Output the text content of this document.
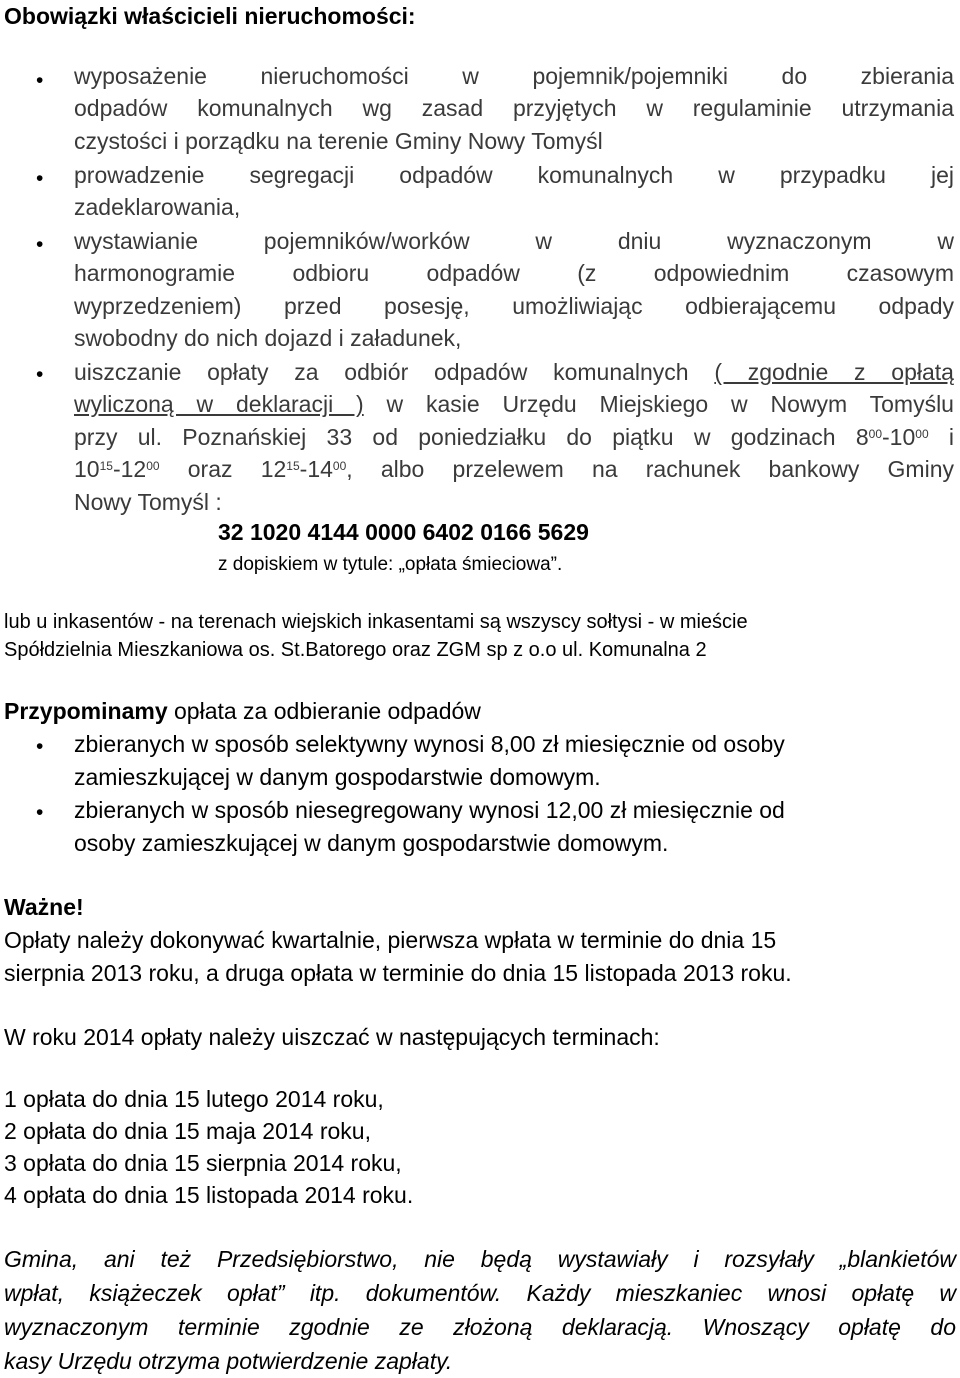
Obowiązki właścicieli nieruchomości:
• wyposażenie nieruchomości w pojemnik/pojemniki do zbierania
odpadów komunalnych wg zasad przyjętych w regulaminie utrzymania
czystości i porządku na terenie Gminy Nowy Tomyśl
• prowadzenie segregacji odpadów komunalnych w przypadku jej
zadeklarowania,
• wystawianie pojemników/worków w dniu wyznaczonym w
harmonogramie odbioru odpadów (z odpowiednim czasowym
wyprzedzeniem) przed posesję, umożliwiając odbierającemu odpady
swobodny do nich dojazd i załadunek,
• uiszczanie opłaty za odbiór odpadów komunalnych ( zgodnie z opłatą
wyliczoną w deklaracji ) w kasie Urzędu Miejskiego w Nowym Tomyślu
przy ul. Poznańskiej 33 od poniedziałku do piątku w godzinach $8^{00}-10^{00}$ i
$10^{15}-12^{00}$ oraz $12^{15}-14^{00}$, albo przelewem na rachunek bankowy Gminy
Nowy Tomyśl :
32 1020 4144 0000 6402 0166 5629
z dopiskiem w tytule: „opłata śmieciowa”.
lub u inkasentów - na terenach wiejskich inkasentami są wszyscy sołtysi - w mieście
Spółdzielnia Mieszkaniowa os. St.Batorego oraz ZGM sp z o.o ul. Komunalna 2
Przypominamy opłata za odbieranie odpadów
• zbieranych w sposób selektywny wynosi 8,00 zł miesięcznie od osoby
zamieszkującej w danym gospodarstwie domowym.
• zbieranych w sposób niesegregowany wynosi 12,00 zł miesięcznie od
osoby zamieszkującej w danym gospodarstwie domowym.
Ważne!
Opłaty należy dokonywać kwartalnie, pierwsza wpłata w terminie do dnia 15
sierpnia 2013 roku, a druga opłata w terminie do dnia 15 listopada 2013 roku.
W roku 2014 opłaty należy uiszczać w następujących terminach:
1 opłata do dnia 15 lutego 2014 roku,
2 opłata do dnia 15 maja 2014 roku,
3 opłata do dnia 15 sierpnia 2014 roku,
4 opłata do dnia 15 listopada 2014 roku.
Gmina, ani też Przedsiębiorstwo, nie będą wystawiały i rozsyłały „blankietów
wpłat, książeczek opłat” itp. dokumentów. Każdy mieszkaniec wnosi opłatę w
wyznaczonym terminie zgodnie ze złożoną deklaracją. Wnoszący opłatę do
kasy Urzędu otrzyma potwierdzenie zapłaty.
